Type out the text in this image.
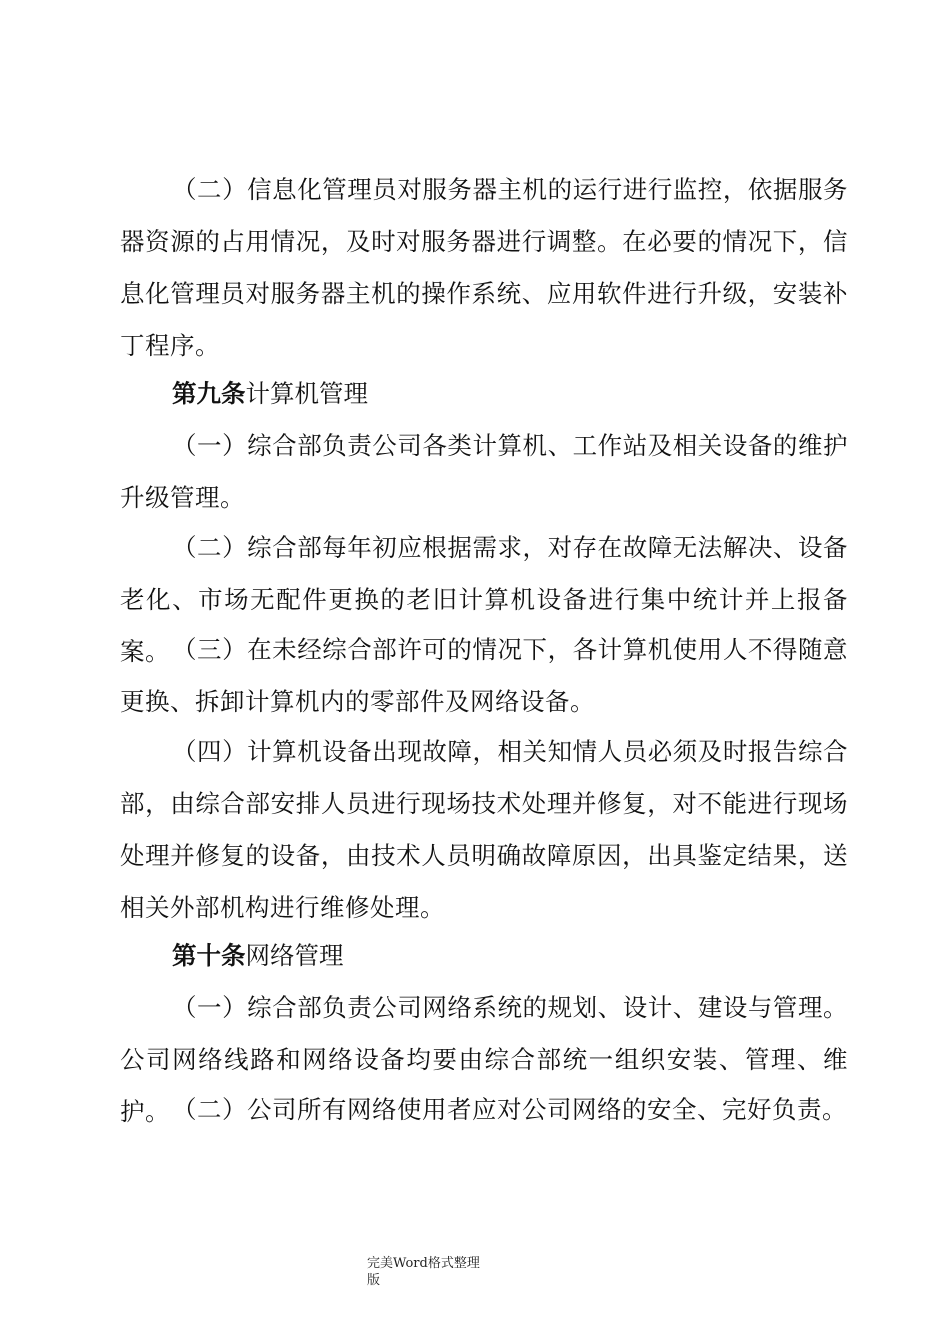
（二）信息化管理员对服务器主机的运行进行监控，依据服务器资源的占用情况，及时对服务器进行调整。在必要的情况下，信息化管理员对服务器主机的操作系统、应用软件进行升级，安装补丁程序。

第九条计算机管理

（一）综合部负责公司各类计算机、工作站及相关设备的维护升级管理。

（二）综合部每年初应根据需求，对存在故障无法解决、设备老化、市场无配件更换的老旧计算机设备进行集中统计并上报备案。 （三）在未经综合部许可的情况下，各计算机使用人不得随意更换、拆卸计算机内的零部件及网络设备。

（四）计算机设备出现故障，相关知情人员必须及时报告综合部，由综合部安排人员进行现场技术处理并修复，对不能进行现场处理并修复的设备，由技术人员明确故障原因，出具鉴定结果，送相关外部机构进行维修处理。

第十条网络管理

（一）综合部负责公司网络系统的规划、设计、建设与管理。公司网络线路和网络设备均要由综合部统一组织安装、管理、维护。 （二）公司所有网络使用者应对公司网络的安全、完好负责。

完美Word格式整理
版
